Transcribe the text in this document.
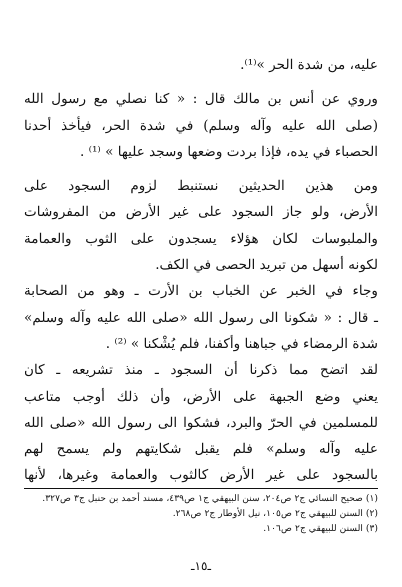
عليه، من شدة الحر »⁽¹⁾.
وروي عن أنس بن مالك قال : « كنا نصلي مع رسول الله
(صلى الله عليه وآله وسلم) في شدة الحر، فيأخذ أحدنا
الحصباء في يده، فإذا بردت وضعها وسجد عليها » ⁽¹⁾ .
ومن هذين الحديثين نستنبط لزوم السجود على
الأرض، ولو جاز السجود على غير الأرض من المفروشات
والملبوسات لكان هؤلاء يسجدون على الثوب والعمامة
لكونه أسهل من تبريد الحصى في الكف.
وجاء في الخبر عن الخباب بن الأرت ـ وهو من الصحابة
ـ قال : « شكونا الى رسول الله «صلى الله عليه وآله وسلم»
شدة الرمضاء في جباهنا وأكفنا، فلم يُشْكنا » ⁽²⁾ .
لقد اتضح مما ذكرنا أن السجود ـ منذ تشريعه ـ كان
يعني وضع الجبهة على الأرض، وأن ذلك أوجب متاعب
للمسلمين في الحرّ والبرد، فشكوا الى رسول الله «صلى الله
عليه وآله وسلم» فلم يقبل شكايتهم ولم يسمح لهم
بالسجود على غير الأرض كالثوب والعمامة وغيرها، لأنها
(١) صحيح النسائي ج٢ ص٢٠٤، سنن البيهقي ج١ ص٤٣٩، مسند أحمد بن حنبل ج٣ ص٣٢٧.
(٢) السنن للبيهقي ج٢ ص١٠٥، نيل الأوطار ج٢ ص٢٦٨.
(٣) السنن للبيهقي ج٢ ص١٠٦.
ـ١٥ـ
